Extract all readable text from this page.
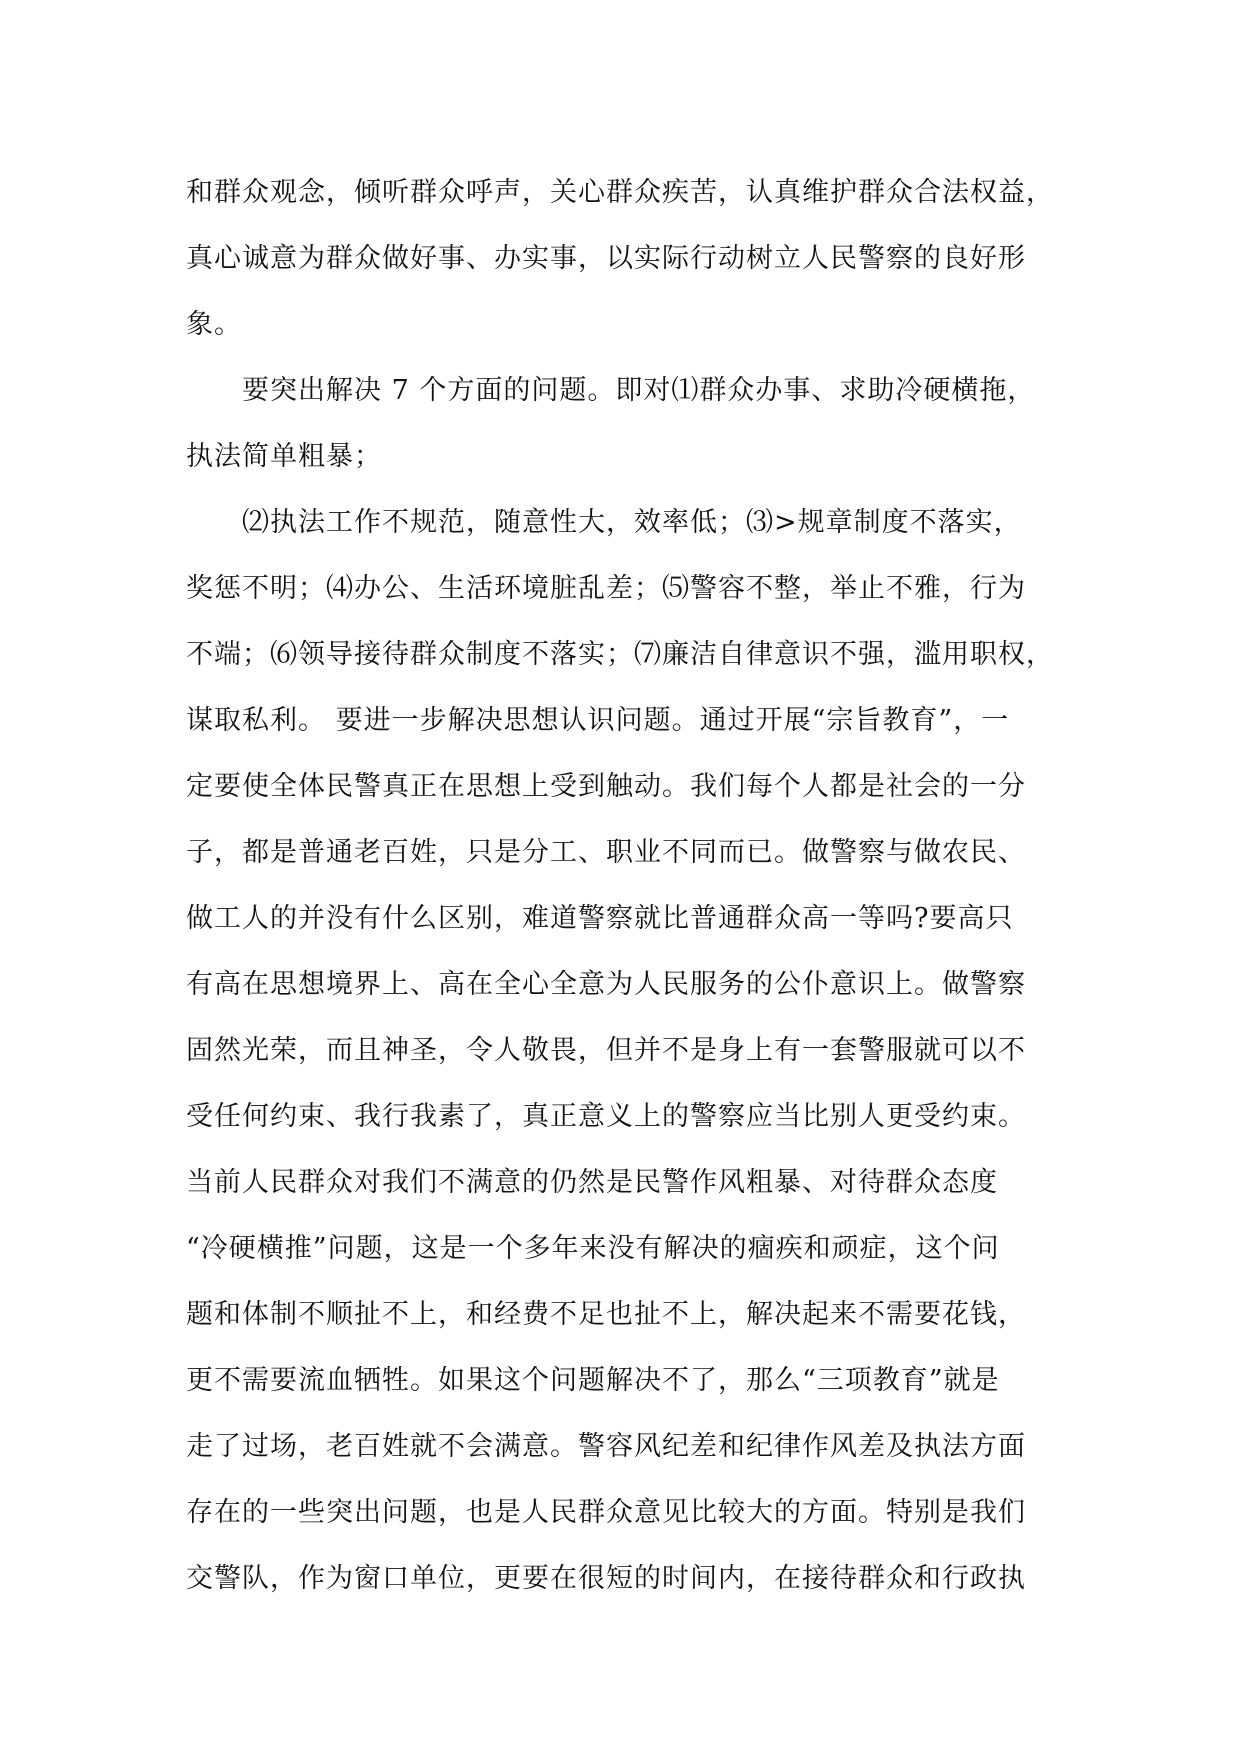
和群众观念，倾听群众呼声，关心群众疾苦，认真维护群众合法权益，
真心诚意为群众做好事、办实事，以实际行动树立人民警察的良好形
象。
　　要突出解决 7 个方面的问题。即对⑴群众办事、求助冷硬横拖，
执法简单粗暴；
　　⑵执法工作不规范，随意性大，效率低；⑶>规章制度不落实，
奖惩不明；⑷办公、生活环境脏乱差；⑸警容不整，举止不雅，行为
不端；⑹领导接待群众制度不落实；⑺廉洁自律意识不强，滥用职权，
谋取私利。 要进一步解决思想认识问题。通过开展“宗旨教育”，一
定要使全体民警真正在思想上受到触动。我们每个人都是社会的一分
子，都是普通老百姓，只是分工、职业不同而已。做警察与做农民、
做工人的并没有什么区别，难道警察就比普通群众高一等吗?要高只
有高在思想境界上、高在全心全意为人民服务的公仆意识上。做警察
固然光荣，而且神圣，令人敬畏，但并不是身上有一套警服就可以不
受任何约束、我行我素了，真正意义上的警察应当比别人更受约束。
当前人民群众对我们不满意的仍然是民警作风粗暴、对待群众态度
“冷硬横推”问题，这是一个多年来没有解决的痼疾和顽症，这个问
题和体制不顺扯不上，和经费不足也扯不上，解决起来不需要花钱，
更不需要流血牺牲。如果这个问题解决不了，那么“三项教育”就是
走了过场，老百姓就不会满意。警容风纪差和纪律作风差及执法方面
存在的一些突出问题，也是人民群众意见比较大的方面。特别是我们
交警队，作为窗口单位，更要在很短的时间内，在接待群众和行政执
